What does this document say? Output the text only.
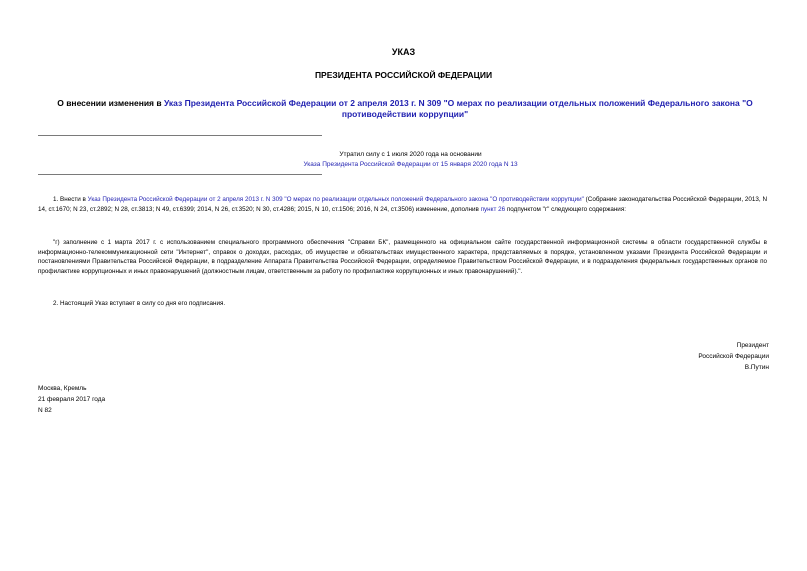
УКАЗ
ПРЕЗИДЕНТА РОССИЙСКОЙ ФЕДЕРАЦИИ
О внесении изменения в Указ Президента Российской Федерации от 2 апреля 2013 г. N 309 "О мерах по реализации отдельных положений Федерального закона "О противодействии коррупции"
Утратил силу с 1 июля 2020 года на основании
Указа Президента Российской Федерации от 15 января 2020 года N 13
1. Внести в Указ Президента Российской Федерации от 2 апреля 2013 г. N 309 "О мерах по реализации отдельных положений Федерального закона "О противодействии коррупции" (Собрание законодательства Российской Федерации, 2013, N 14, ст.1670; N 23, ст.2892; N 28, ст.3813; N 49, ст.6399; 2014, N 26, ст.3520; N 30, ст.4286; 2015, N 10, ст.1506; 2016, N 24, ст.3506) изменение, дополнив пункт 26 подпунктом "г" следующего содержания:
"г) заполнение с 1 марта 2017 г. с использованием специального программного обеспечения "Справки БК", размещенного на официальном сайте государственной информационной системы в области государственной службы в информационно-телекоммуникационной сети "Интернет", справок о доходах, расходах, об имуществе и обязательствах имущественного характера, представляемых в порядке, установленном указами Президента Российской Федерации и постановлениями Правительства Российской Федерации, в подразделение Аппарата Правительства Российской Федерации, определяемое Правительством Российской Федерации, и в подразделения федеральных государственных органов по профилактике коррупционных и иных правонарушений (должностным лицам, ответственным за работу по профилактике коррупционных и иных правонарушений).".
2. Настоящий Указ вступает в силу со дня его подписания.
Президент
Российской Федерации
В.Путин
Москва, Кремль
21 февраля 2017 года
N 82
